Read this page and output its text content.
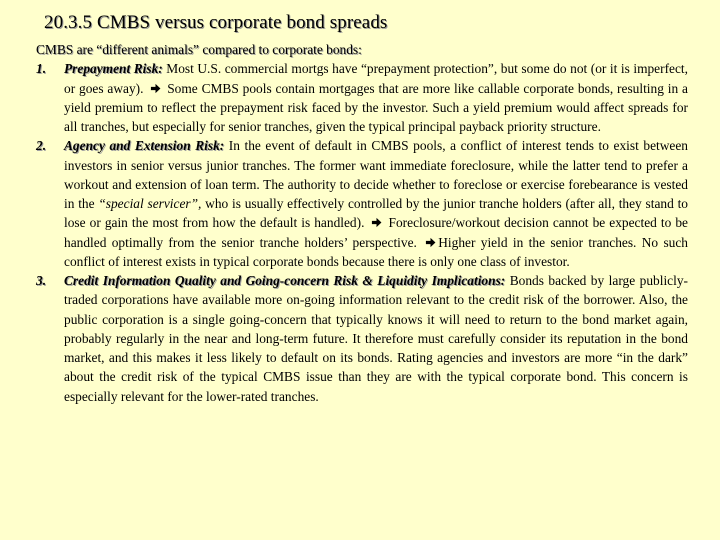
20.3.5 CMBS versus corporate bond spreads

CMBS are “different animals” compared to corporate bonds:

1. Prepayment Risk: Most U.S. commercial mortgs have “prepayment protection”, but some do not (or it is imperfect, or goes away).  Some CMBS pools contain mortgages that are more like callable corporate bonds, resulting in a yield premium to reflect the prepayment risk faced by the investor. Such a yield premium would affect spreads for all tranches, but especially for senior tranches, given the typical principal payback priority structure.
2. Agency and Extension Risk: In the event of default in CMBS pools, a conflict of interest tends to exist between investors in senior versus junior tranches. The former want immediate foreclosure, while the latter tend to prefer a workout and extension of loan term. The authority to decide whether to foreclose or exercise forebearance is vested in the “special servicer”, who is usually effectively controlled by the junior tranche holders (after all, they stand to lose or gain the most from how the default is handled).  Foreclosure/workout decision cannot be expected to be handled optimally from the senior tranche holders’ perspective. Higher yield in the senior tranches. No such conflict of interest exists in typical corporate bonds because there is only one class of investor.
3. Credit Information Quality and Going-concern Risk & Liquidity Implications: Bonds backed by large publicly-traded corporations have available more on-going information relevant to the credit risk of the borrower. Also, the public corporation is a single going-concern that typically knows it will need to return to the bond market again, probably regularly in the near and long-term future. It therefore must carefully consider its reputation in the bond market, and this makes it less likely to default on its bonds. Rating agencies and investors are more “in the dark” about the credit risk of the typical CMBS issue than they are with the typical corporate bond. This concern is especially relevant for the lower-rated tranches.
